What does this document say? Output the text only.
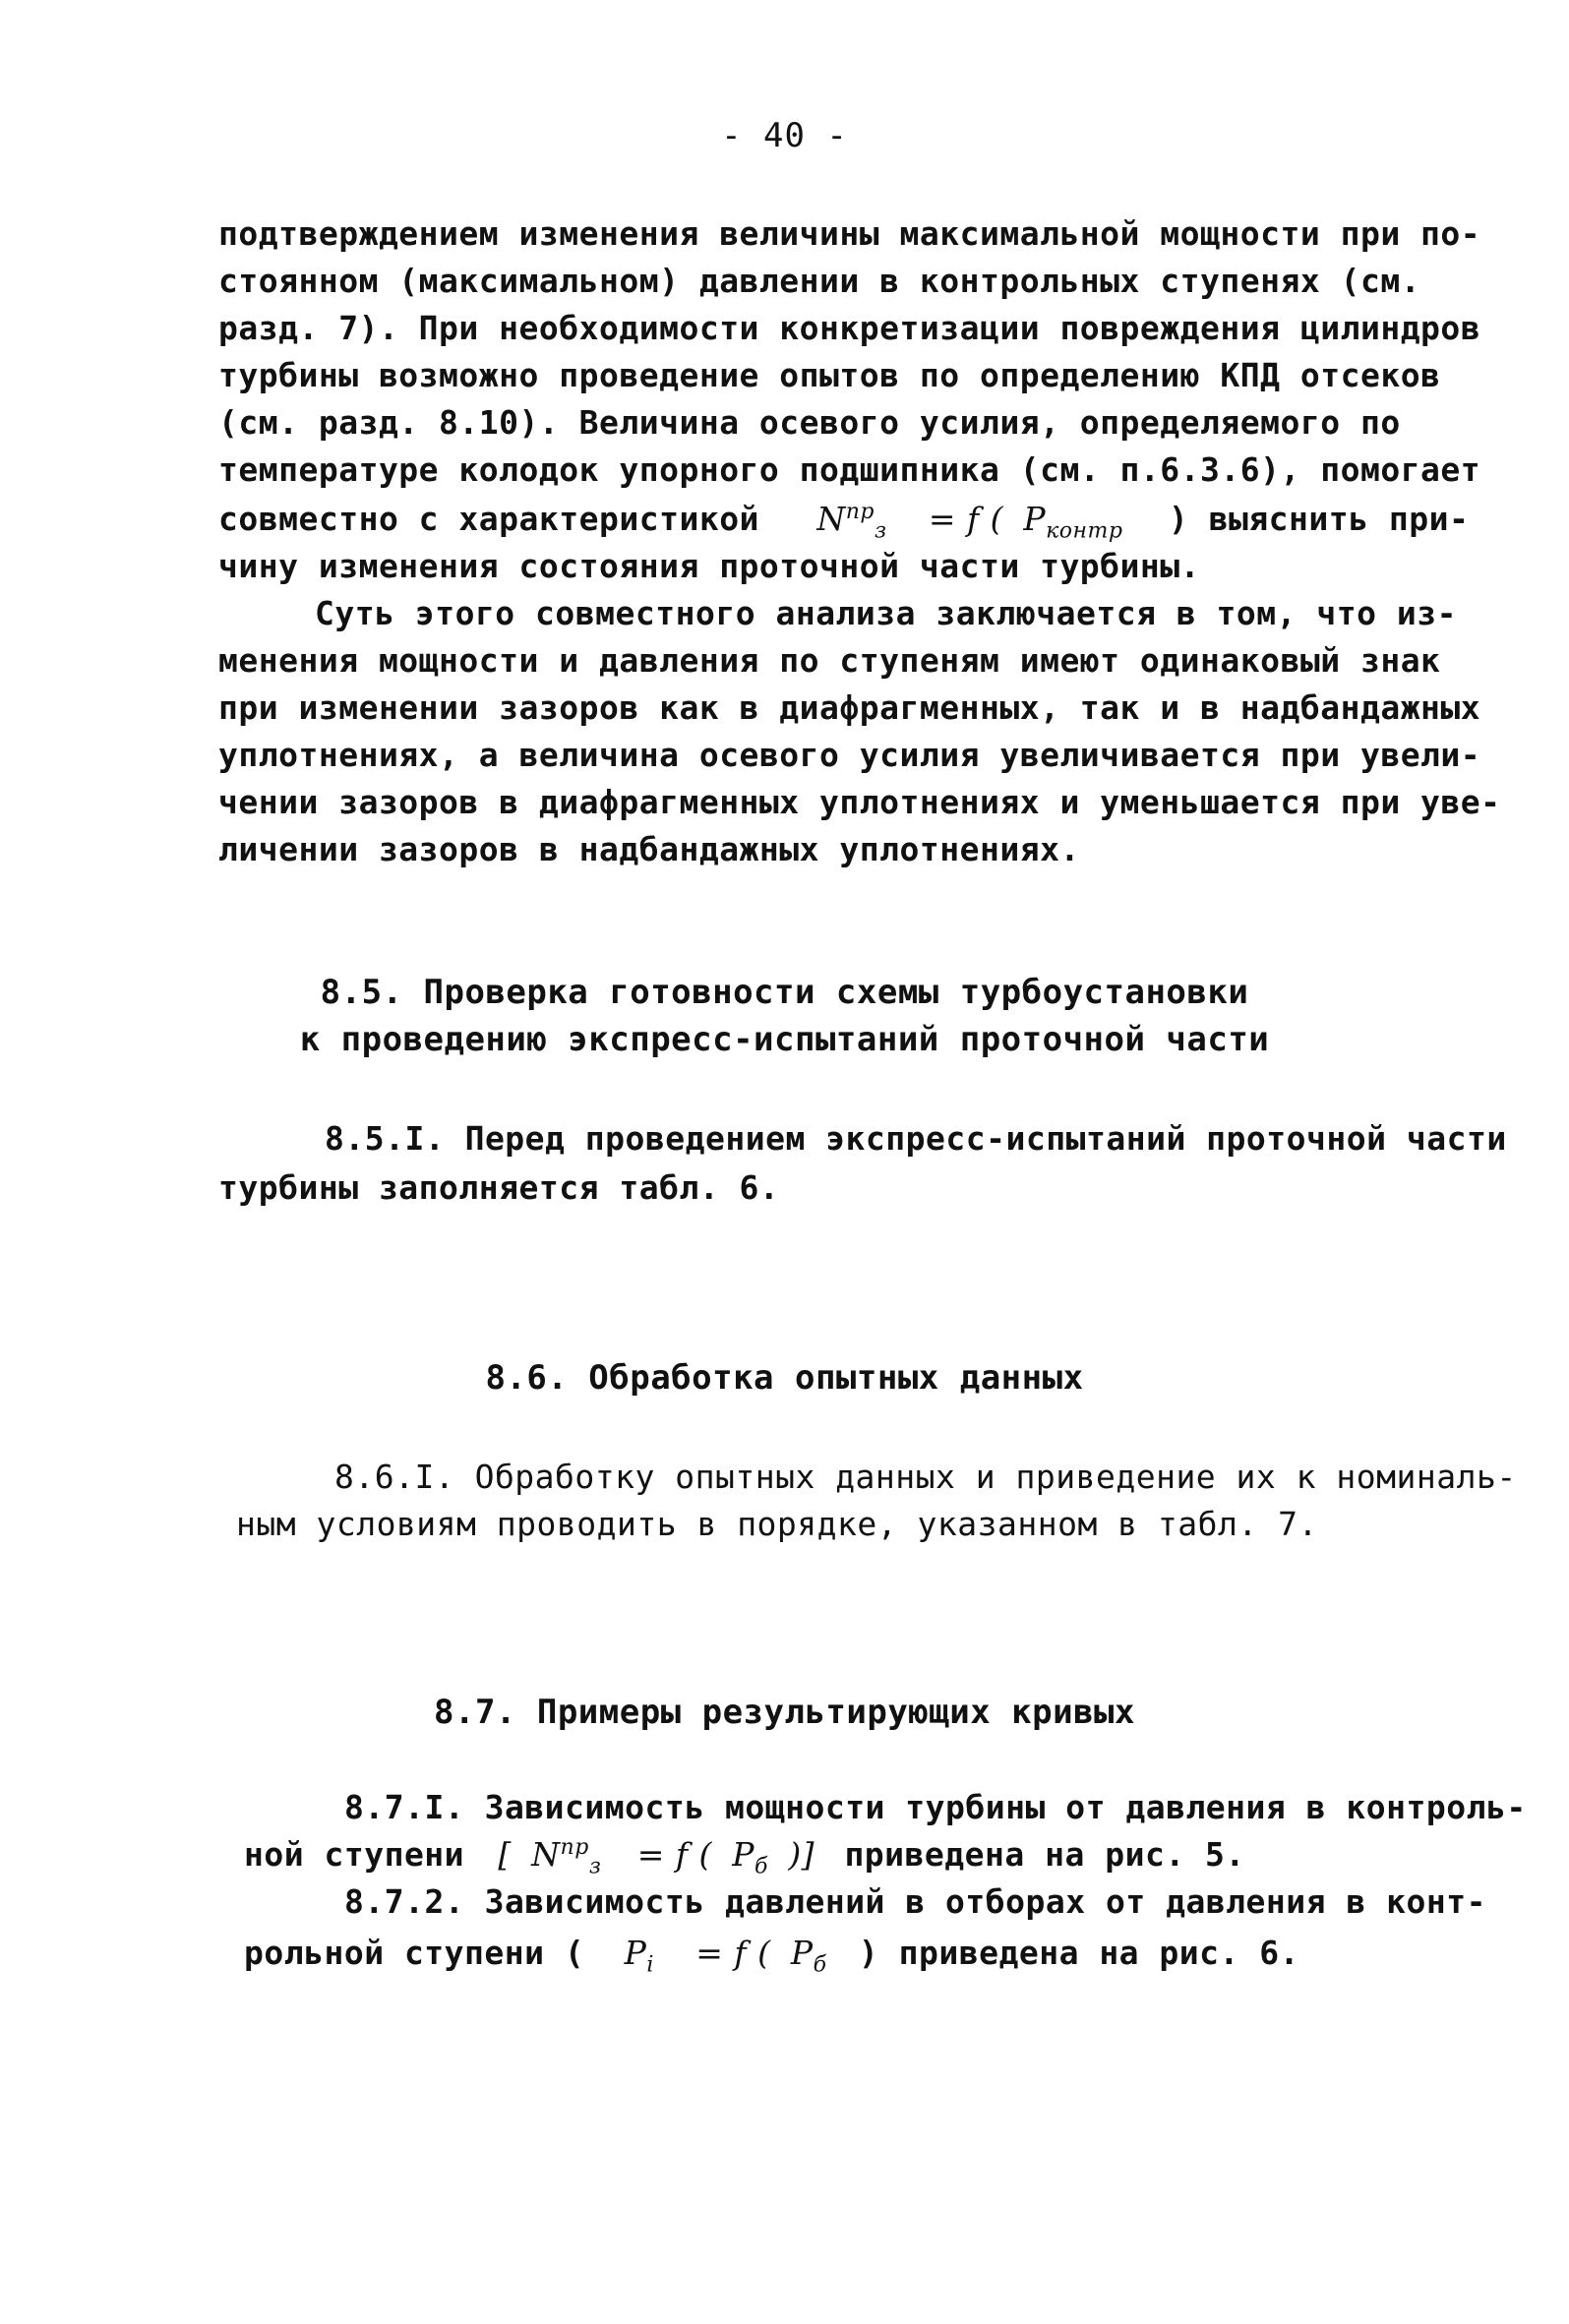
- 40 -
подтверждением изменения величины максимальной мощности при по-
стоянном (максимальном) давлении в контрольных ступенях (см.
разд. 7). При необходимости конкретизации повреждения цилиндров
турбины возможно проведение опытов по определению КПД отсеков
(см. разд. 8.10). Величина осевого усилия, определяемого по
температуре колодок упорного подшипника (см. п.6.3.6), помогает
совместно с характеристикой $N^{пр}_з = f$ ( $P_{контр}$ ) выяснить при-
чину изменения состояния проточной части турбины.
Суть этого совместного анализа заключается в том, что из-
менения мощности и давления по ступеням имеют одинаковый знак
при изменении зазоров как в диафрагменных, так и в надбандажных
уплотнениях, а величина осевого усилия увеличивается при увели-
чении зазоров в диафрагменных уплотнениях и уменьшается при уве-
личении зазоров в надбандажных уплотнениях.
8.5. Проверка готовности схемы турбоустановки
к проведению экспресс-испытаний проточной части
8.5.I. Перед проведением экспресс-испытаний проточной части
турбины заполняется табл. 6.
8.6. Обработка опытных данных
8.6.I. Обработку опытных данных и приведение их к номиналь-
ным условиям проводить в порядке, указанном в табл. 7.
8.7. Примеры результирующих кривых
8.7.I. Зависимость мощности турбины от давления в контроль-
ной ступени [ $N^{пр}_з = f$ ( $P_б$ )] приведена на рис. 5.
8.7.2. Зависимость давлений в отборах от давления в конт-
рольной ступени ( $P_i = f$ ( $P_б$ ) приведена на рис. 6.
